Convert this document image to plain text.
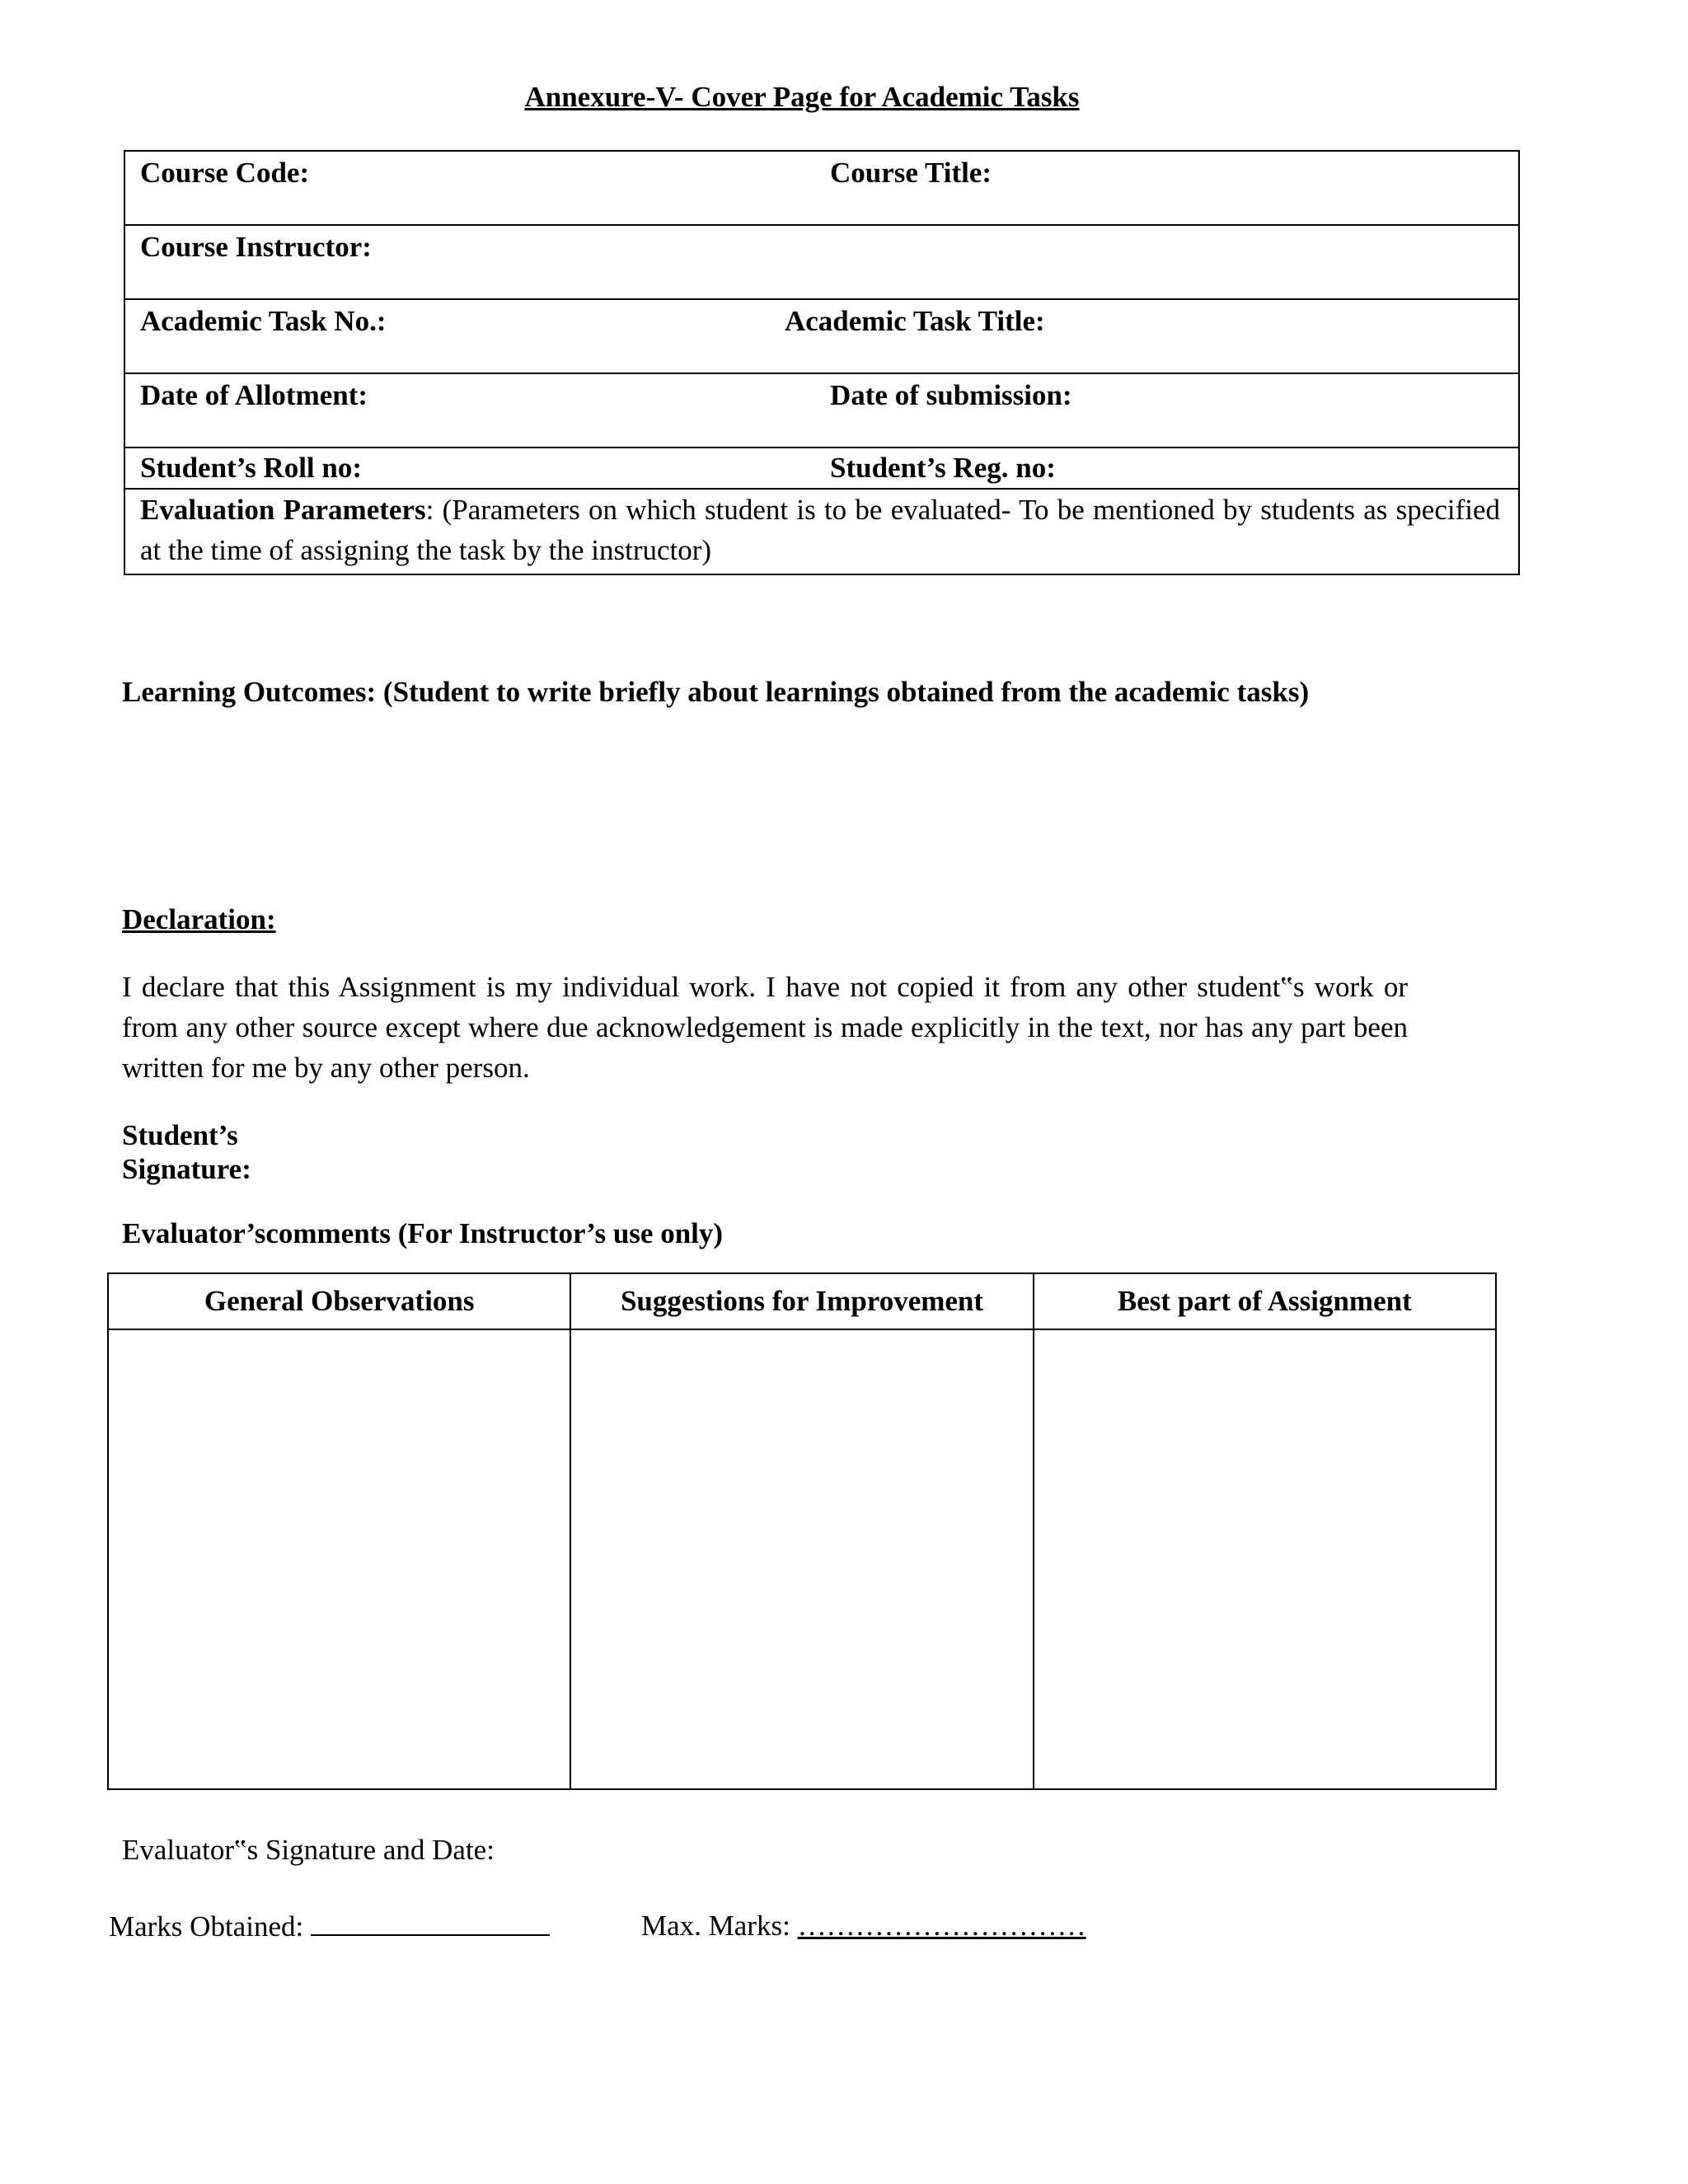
Annexure-V- Cover Page for Academic Tasks
Course Code:	Course Title:
Course Instructor:
Academic Task No.:	Academic Task Title:
Date of Allotment:	Date of submission:
Student’s Roll no:	Student’s Reg. no:
Evaluation Parameters: (Parameters on which student is to be evaluated- To be mentioned by students as specified at the time of assigning the task by the instructor)
Learning Outcomes: (Student to write briefly about learnings obtained from the academic tasks)
Declaration:
I declare that this Assignment is my individual work. I have not copied it from any other student‟s work or from any other source except where due acknowledgement is made explicitly in the text, nor has any part been written for me by any other person.
Student’s
Signature:
Evaluator’scomments (For Instructor’s use only)
General Observations	Suggestions for Improvement	Best part of Assignment

Evaluator‟s Signature and Date:
Marks Obtained:	Max. Marks: …………………………
